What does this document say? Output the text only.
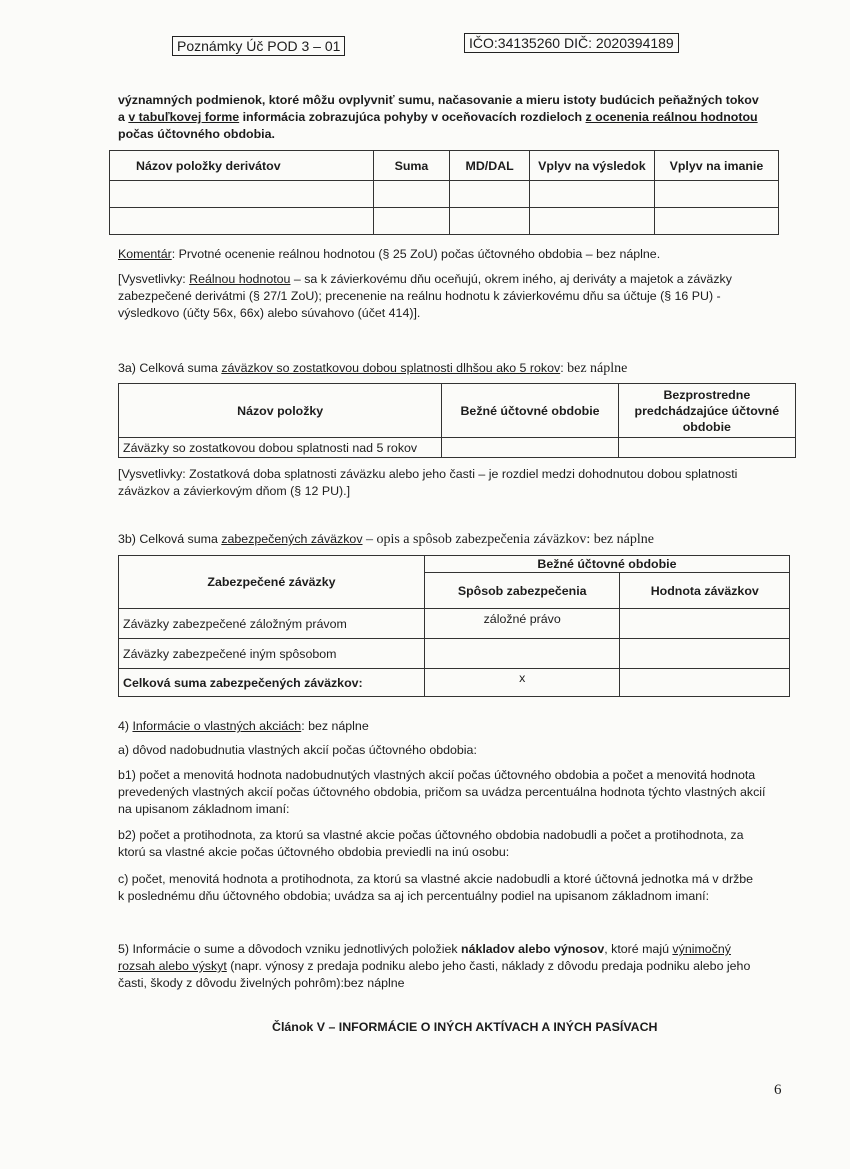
Poznámky Úč POD 3 – 01	IČO:34135260 DIČ: 2020394189
významných podmienok, ktoré môžu ovplyvniť sumu, načasovanie a mieru istoty budúcich peňažných tokov
a v tabuľkovej forme informácia zobrazujúca pohyby v oceňovacích rozdieloch z ocenenia reálnou hodnotou
počas účtovného obdobia.
Názov položky derivátov	Suma	MD/DAL	Vplyv na výsledok	Vplyv na imanie

Komentár: Prvotné ocenenie reálnou hodnotou (§ 25 ZoU) počas účtovného obdobia – bez náplne.
[Vysvetlivky: Reálnou hodnotou – sa k závierkovému dňu oceňujú, okrem iného, aj deriváty a majetok a záväzky
zabezpečené derivátmi (§ 27/1 ZoU); precenenie na reálnu hodnotu k závierkovému dňu sa účtuje (§ 16 PU) -
výsledkovo (účty 56x, 66x) alebo súvahovo (účet 414)].
3a) Celková suma záväzkov so zostatkovou dobou splatnosti dlhšou ako 5 rokov: bez náplne
Názov položky	Bežné účtovné obdobie	Bezprostredne predchádzajúce účtovné obdobie
Záväzky so zostatkovou dobou splatnosti nad 5 rokov		
[Vysvetlivky: Zostatková doba splatnosti záväzku alebo jeho časti – je rozdiel medzi dohodnutou dobou splatnosti
záväzkov a závierkovým dňom (§ 12 PU).]
3b) Celková suma zabezpečených záväzkov – opis a spôsob zabezpečenia záväzkov: bez náplne
Zabezpečené záväzky	Bežné účtovné obdobie	
	Spôsob zabezpečenia	Hodnota záväzkov
Záväzky zabezpečené záložným právom	záložné právo	
Záväzky zabezpečené iným spôsobom		
Celková suma zabezpečených záväzkov:	x	
4) Informácie o vlastných akciách: bez náplne
a) dôvod nadobudnutia vlastných akcií počas účtovného obdobia:
b1) počet a menovitá hodnota nadobudnutých vlastných akcií počas účtovného obdobia a počet a menovitá hodnota
prevedených vlastných akcií počas účtovného obdobia, pričom sa uvádza percentuálna hodnota týchto vlastných akcií
na upisanom základnom imaní:
b2) počet a protihodnota, za ktorú sa vlastné akcie počas účtovného obdobia nadobudli a počet a protihodnota, za
ktorú sa vlastné akcie počas účtovného obdobia previedli na inú osobu:
c) počet, menovitá hodnota a protihodnota, za ktorú sa vlastné akcie nadobudli a ktoré účtovná jednotka má v držbe
k poslednému dňu účtovného obdobia; uvádza sa aj ich percentuálny podiel na upisanom základnom imaní:
5) Informácie o sume a dôvodoch vzniku jednotlivých položiek nákladov alebo výnosov, ktoré majú výnimočný
rozsah alebo výskyt (napr. výnosy z predaja podniku alebo jeho časti, náklady z dôvodu predaja podniku alebo jeho
časti, škody z dôvodu živelných pohrôm):bez náplne
Článok V – INFORMÁCIE O INÝCH AKTÍVACH A INÝCH PASÍVACH
6
